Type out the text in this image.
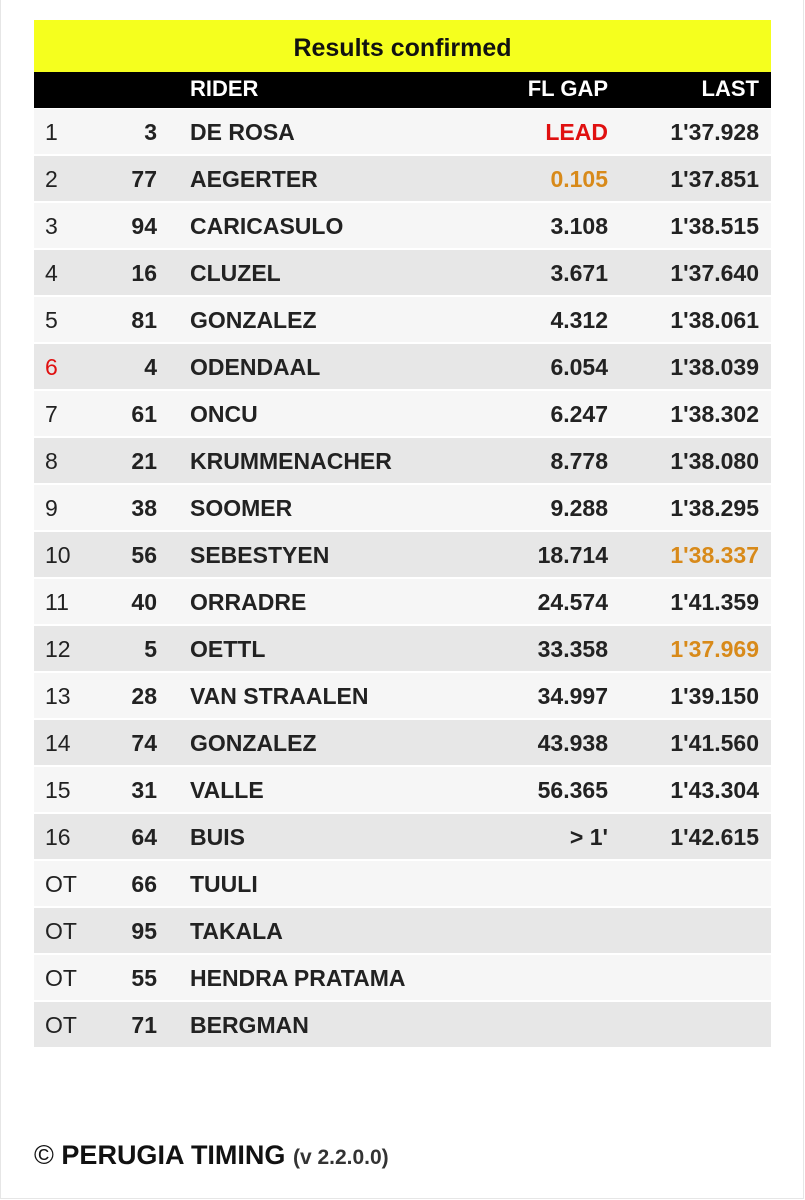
Results confirmed
RIDER	FL GAP	LAST
1	3 DE ROSA	LEAD	1'37.928
2	77 AEGERTER	0.105	1'37.851
3	94 CARICASULO	3.108	1'38.515
4	16 CLUZEL	3.671	1'37.640
5	81 GONZALEZ	4.312	1'38.061
6	4 ODENDAAL	6.054	1'38.039
7	61 ONCU	6.247	1'38.302
8	21 KRUMMENACHER	8.778	1'38.080
9	38 SOOMER	9.288	1'38.295
10	56 SEBESTYEN	18.714	1'38.337
11	40 ORRADRE	24.574	1'41.359
12	5 OETTL	33.358	1'37.969
13	28 VAN STRAALEN	34.997	1'39.150
14	74 GONZALEZ	43.938	1'41.560
15	31 VALLE	56.365	1'43.304
16	64 BUIS	> 1'	1'42.615
OT	66 TUULI
OT	95 TAKALA
OT	55 HENDRA PRATAMA
OT	71 BERGMAN
© PERUGIA TIMING (v 2.2.0.0)
